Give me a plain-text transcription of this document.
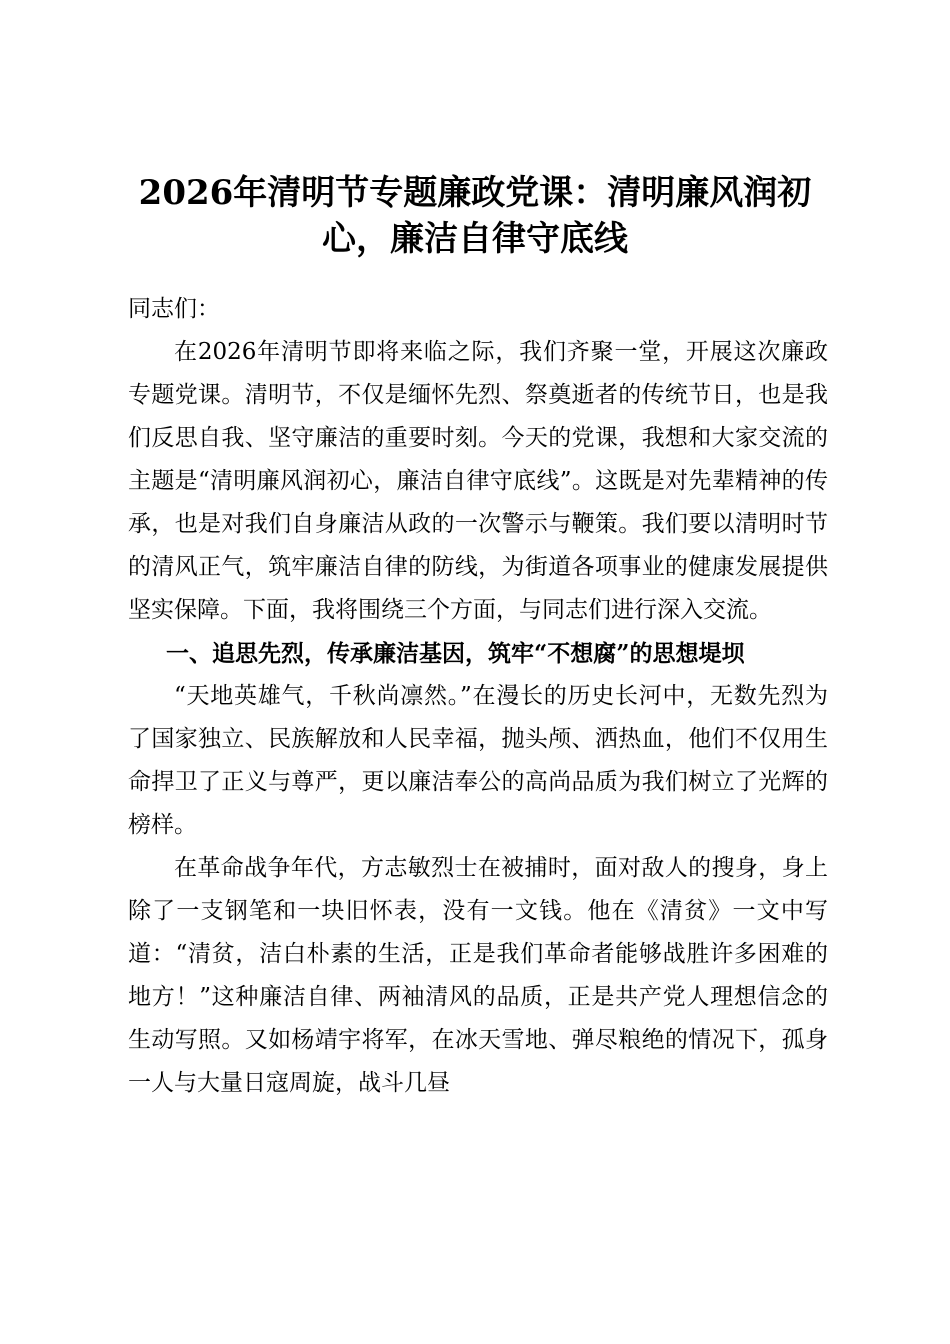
2026年清明节专题廉政党课：清明廉风润初心，廉洁自律守底线

同志们：

在2026年清明节即将来临之际，我们齐聚一堂，开展这次廉政专题党课。清明节，不仅是缅怀先烈、祭奠逝者的传统节日，也是我们反思自我、坚守廉洁的重要时刻。今天的党课，我想和大家交流的主题是“清明廉风润初心，廉洁自律守底线”。这既是对先辈精神的传承，也是对我们自身廉洁从政的一次警示与鞭策。我们要以清明时节的清风正气，筑牢廉洁自律的防线，为街道各项事业的健康发展提供坚实保障。下面，我将围绕三个方面，与同志们进行深入交流。

一、追思先烈，传承廉洁基因，筑牢“不想腐”的思想堤坝

“天地英雄气，千秋尚凛然。”在漫长的历史长河中，无数先烈为了国家独立、民族解放和人民幸福，抛头颅、洒热血，他们不仅用生命捍卫了正义与尊严，更以廉洁奉公的高尚品质为我们树立了光辉的榜样。

在革命战争年代，方志敏烈士在被捕时，面对敌人的搜身，身上除了一支钢笔和一块旧怀表，没有一文钱。他在《清贫》一文中写道：“清贫，洁白朴素的生活，正是我们革命者能够战胜许多困难的地方！”这种廉洁自律、两袖清风的品质，正是共产党人理想信念的生动写照。又如杨靖宇将军，在冰天雪地、弹尽粮绝的情况下，孤身一人与大量日寇周旋，战斗几昼
